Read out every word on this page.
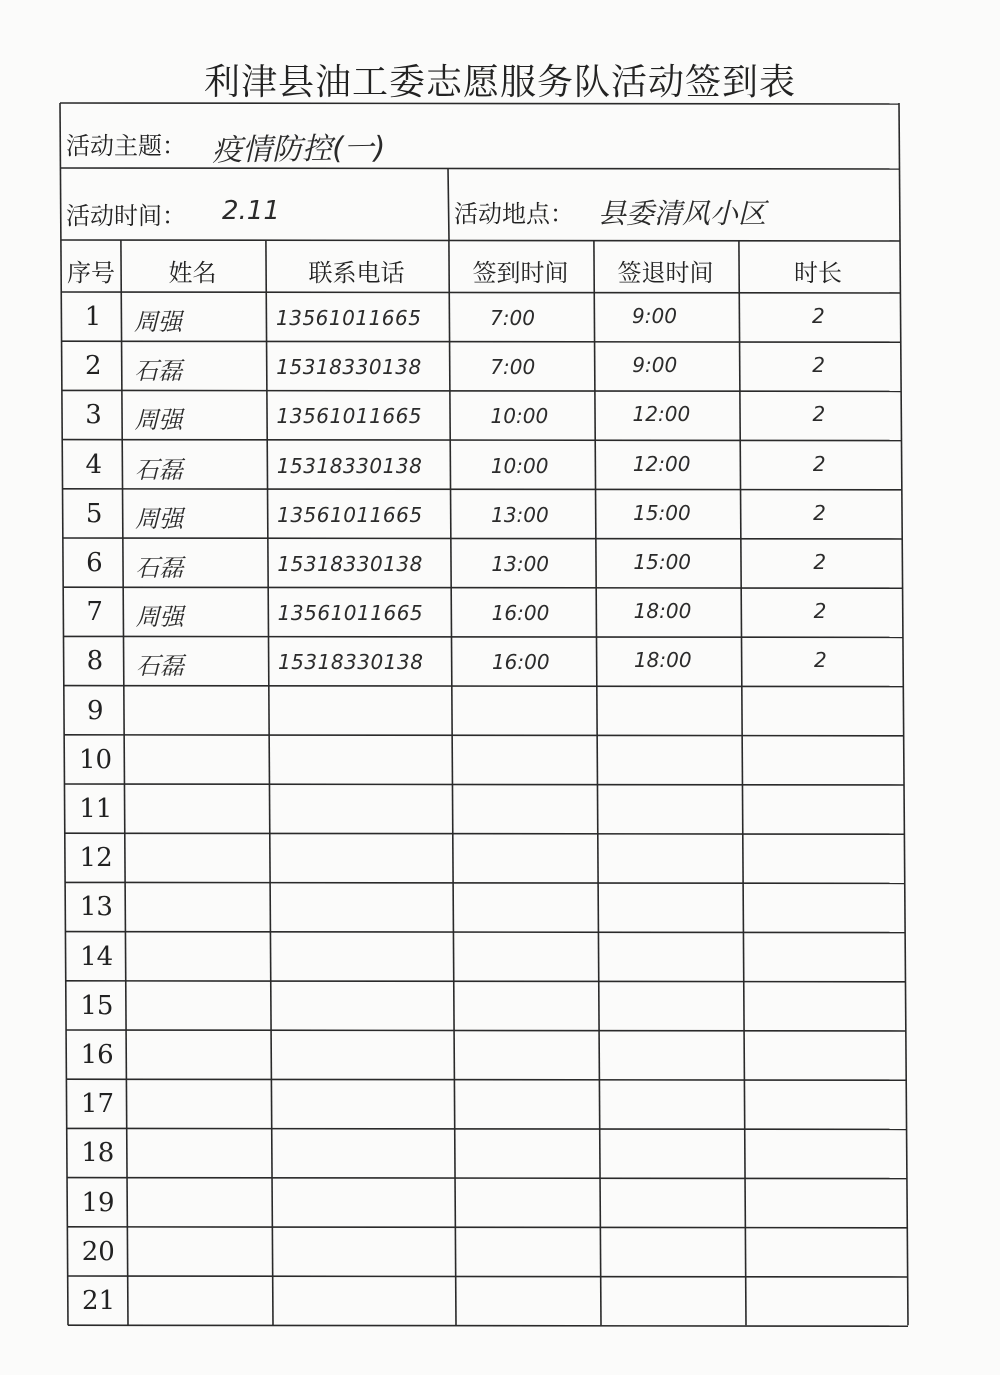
利津县油工委志愿服务队活动签到表
活动主题： 疫情防控(一)
活动时间： 2.11	活动地点： 县委清风小区
序号	姓名	联系电话	签到时间	签退时间	时长
1	周强	13561011665	7:00	9:00	2
2	石磊	15318330138	7:00	9:00	2
3	周强	13561011665	10:00	12:00	2
4	石磊	15318330138	10:00	12:00	2
5	周强	13561011665	13:00	15:00	2
6	石磊	15318330138	13:00	15:00	2
7	周强	13561011665	16:00	18:00	2
8	石磊	15318330138	16:00	18:00	2
9
10
11
12
13
14
15
16
17
18
19
20
21
